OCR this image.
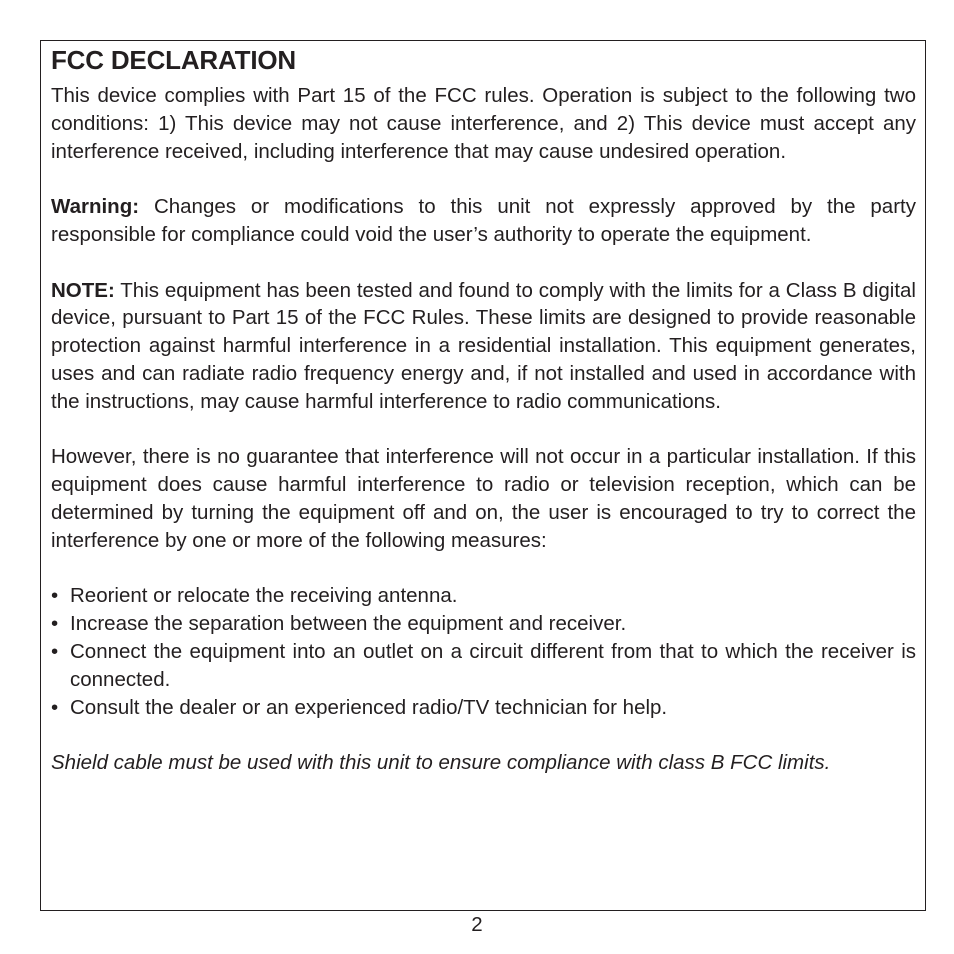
FCC DECLARATION

This device complies with Part 15 of the FCC rules. Operation is subject to the following two conditions: 1) This device may not cause interference, and 2) This device must accept any interference received, including interference that may cause undesired operation.

Warning: Changes or modifications to this unit not expressly approved by the party responsible for compliance could void the user’s authority to operate the equipment.

NOTE: This equipment has been tested and found to comply with the limits for a Class B digital device, pursuant to Part 15 of the FCC Rules. These limits are designed to provide reasonable protection against harmful interference in a residential installation. This equipment generates, uses and can radiate radio frequency energy and, if not installed and used in accordance with the instructions, may cause harmful interference to radio communications.

However, there is no guarantee that interference will not occur in a particular installation. If this equipment does cause harmful interference to radio or television reception, which can be determined by turning the equipment off and on, the user is encouraged to try to correct the interference by one or more of the following measures:

• Reorient or relocate the receiving antenna.
• Increase the separation between the equipment and receiver.
• Connect the equipment into an outlet on a circuit different from that to which the receiver is connected.
• Consult the dealer or an experienced radio/TV technician for help.

Shield cable must be used with this unit to ensure compliance with class B FCC limits.

2
